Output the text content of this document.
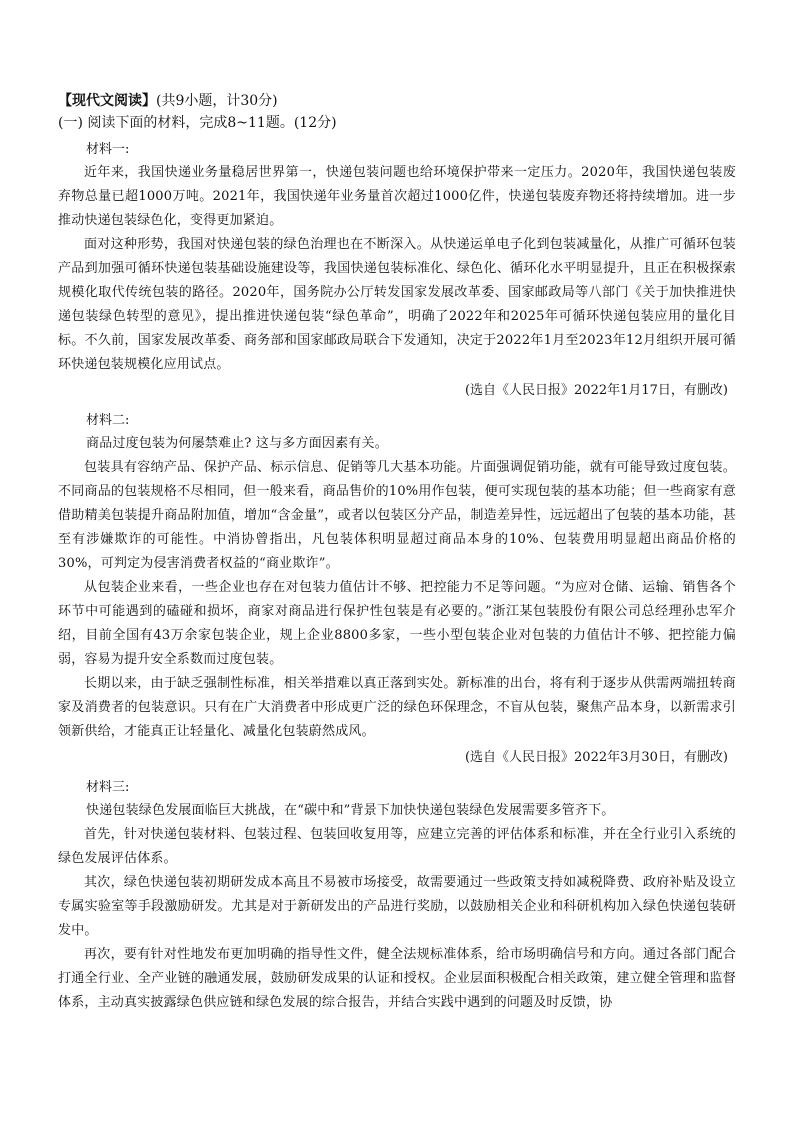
【现代文阅读】(共9小题，计30分)
(一) 阅读下面的材料，完成8~11题。(12分)
材料一:

近年来，我国快递业务量稳居世界第一，快递包装问题也给环境保护带来一定压力。2020年，我国快递包装废弃物总量已超1000万吨。2021年，我国快递年业务量首次超过1000亿件，快递包装废弃物还将持续增加。进一步推动快递包装绿色化，变得更加紧迫。

面对这种形势，我国对快递包装的绿色治理也在不断深入。从快递运单电子化到包装减量化，从推广可循环包装产品到加强可循环快递包装基础设施建设等，我国快递包装标准化、绿色化、循环化水平明显提升，且正在积极探索规模化取代传统包装的路径。2020年，国务院办公厅转发国家发展改革委、国家邮政局等八部门《关于加快推进快递包装绿色转型的意见》，提出推进快递包装“绿色革命”，明确了2022年和2025年可循环快递包装应用的量化目标。不久前，国家发展改革委、商务部和国家邮政局联合下发通知，决定于2022年1月至2023年12月组织开展可循环快递包装规模化应用试点。

(选自《人民日报》2022年1月17日，有删改)
材料二:

商品过度包装为何屡禁难止? 这与多方面因素有关。

包装具有容纳产品、保护产品、标示信息、促销等几大基本功能。片面强调促销功能，就有可能导致过度包装。不同商品的包装规格不尽相同，但一般来看，商品售价的10%用作包装，便可实现包装的基本功能；但一些商家有意借助精美包装提升商品附加值，增加“含金量”，或者以包装区分产品，制造差异性，远远超出了包装的基本功能，甚至有涉嫌欺诈的可能性。中消协曾指出，凡包装体积明显超过商品本身的10%、包装费用明显超出商品价格的30%，可判定为侵害消费者权益的“商业欺诈”。

从包装企业来看，一些企业也存在对包装力值估计不够、把控能力不足等问题。“为应对仓储、运输、销售各个环节中可能遇到的磕碰和损坏，商家对商品进行保护性包装是有必要的。”浙江某包装股份有限公司总经理孙忠军介绍，目前全国有43万余家包装企业，规上企业8800多家，一些小型包装企业对包装的力值估计不够、把控能力偏弱，容易为提升安全系数而过度包装。

长期以来，由于缺乏强制性标准，相关举措难以真正落到实处。新标准的出台，将有利于逐步从供需两端扭转商家及消费者的包装意识。只有在广大消费者中形成更广泛的绿色环保理念，不盲从包装，聚焦产品本身，以新需求引领新供给，才能真正让轻量化、减量化包装蔚然成风。

(选自《人民日报》2022年3月30日，有删改)
材料三:

快递包装绿色发展面临巨大挑战，在“碳中和”背景下加快快递包装绿色发展需要多管齐下。

首先，针对快递包装材料、包装过程、包装回收复用等，应建立完善的评估体系和标准，并在全行业引入系统的绿色发展评估体系。

其次，绿色快递包装初期研发成本高且不易被市场接受，故需要通过一些政策支持如减税降费、政府补贴及设立专属实验室等手段激励研发。尤其是对于新研发出的产品进行奖励，以鼓励相关企业和科研机构加入绿色快递包装研发中。

再次，要有针对性地发布更加明确的指导性文件，健全法规标准体系，给市场明确信号和方向。通过各部门配合打通全行业、全产业链的融通发展，鼓励研发成果的认证和授权。企业层面积极配合相关政策，建立健全管理和监督体系，主动真实披露绿色供应链和绿色发展的综合报告，并结合实践中遇到的问题及时反馈，协
